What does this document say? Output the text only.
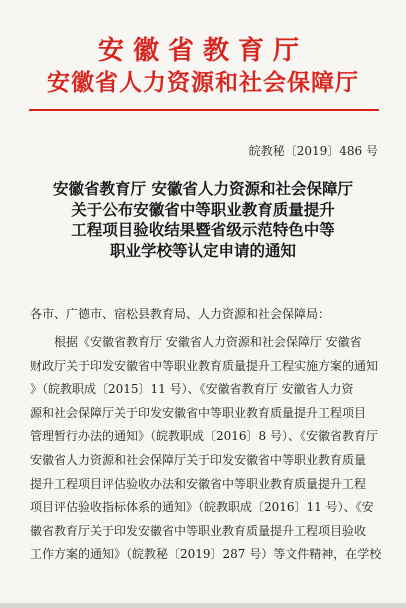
安徽省教育厅
安徽省人力资源和社会保障厅
皖教秘〔2019〕486 号
安徽省教育厅 安徽省人力资源和社会保障厅
关于公布安徽省中等职业教育质量提升
工程项目验收结果暨省级示范特色中等
职业学校等认定申请的通知
各市、广德市、宿松县教育局、人力资源和社会保障局：
根据《安徽省教育厅 安徽省人力资源和社会保障厅 安徽省
财政厅关于印发安徽省中等职业教育质量提升工程实施方案的通知
》（皖教职成〔2015〕11 号）、《安徽省教育厅 安徽省人力资
源和社会保障厅关于印发安徽省中等职业教育质量提升工程项目
管理暂行办法的通知》（皖教职成〔2016〕8 号）、《安徽省教育厅
安徽省人力资源和社会保障厅关于印发安徽省中等职业教育质量
提升工程项目评估验收办法和安徽省中等职业教育质量提升工程
项目评估验收指标体系的通知》（皖教职成〔2016〕11 号）、《安
徽省教育厅关于印发安徽省中等职业教育质量提升工程项目验收
工作方案的通知》（皖教秘〔2019〕287 号）等文件精神，在学校
